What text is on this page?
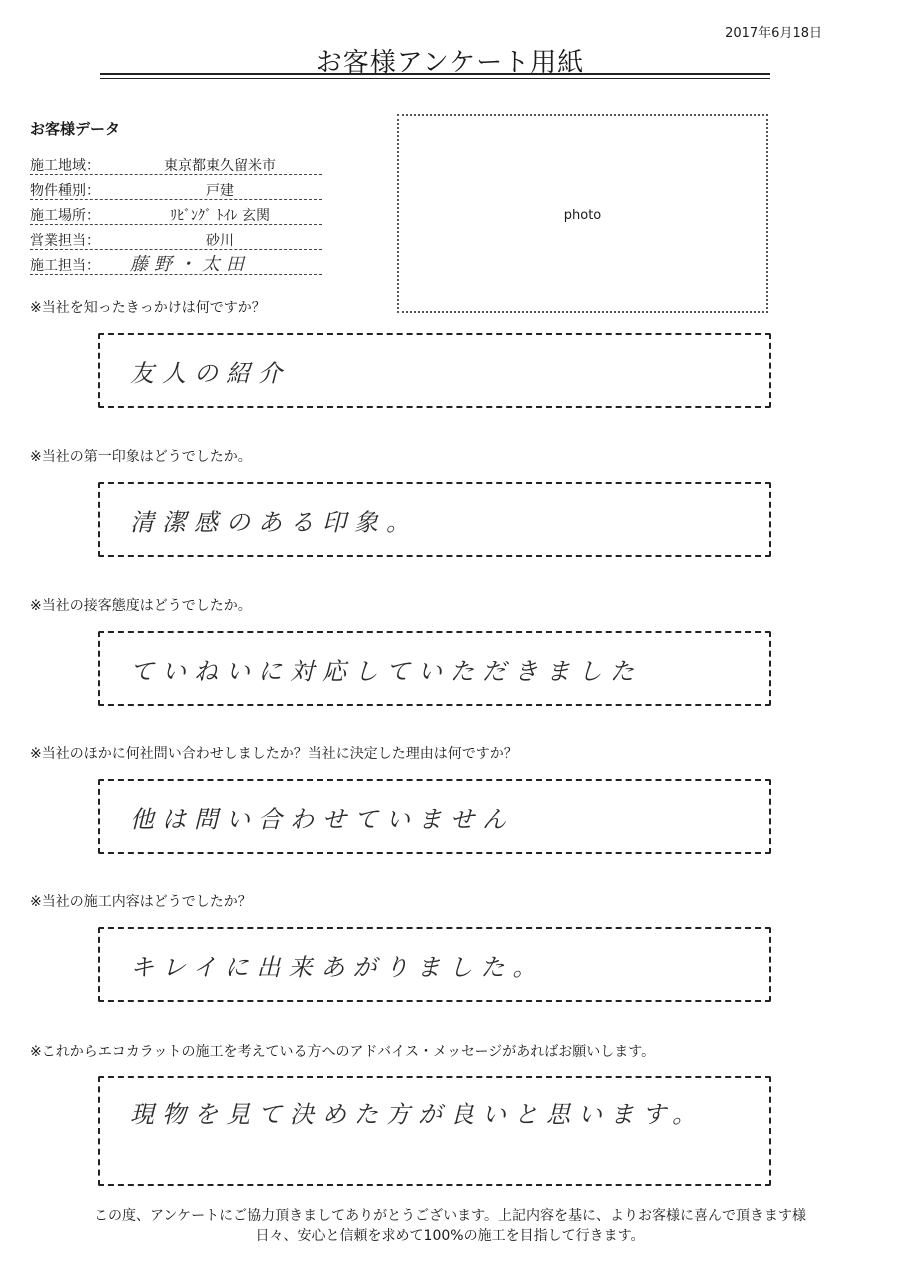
2017年6月18日
お客様アンケート用紙
お客様データ
施工地域：	東京都東久留米市
物件種別：	戸建
施工場所：	ﾘﾋﾞﾝｸﾞ ﾄｲﾚ 玄関
営業担当：	砂川
施工担当： 藤野・太田
photo
※当社を知ったきっかけは何ですか？
友人の紹介
※当社の第一印象はどうでしたか。
清潔感のある印象。
※当社の接客態度はどうでしたか。
ていねいに対応していただきました
※当社のほかに何社問い合わせしましたか？当社に決定した理由は何ですか？
他は問い合わせていません
※当社の施工内容はどうでしたか？
キレイに出来あがりました。
※これからエコカラットの施工を考えている方へのアドバイス・メッセージがあればお願いします。
現物を見て決めた方が良いと思います。
この度、アンケートにご協力頂きましてありがとうございます。上記内容を基に、よりお客様に喜んで頂きます様
日々、安心と信頼を求めて100%の施工を目指して行きます。
